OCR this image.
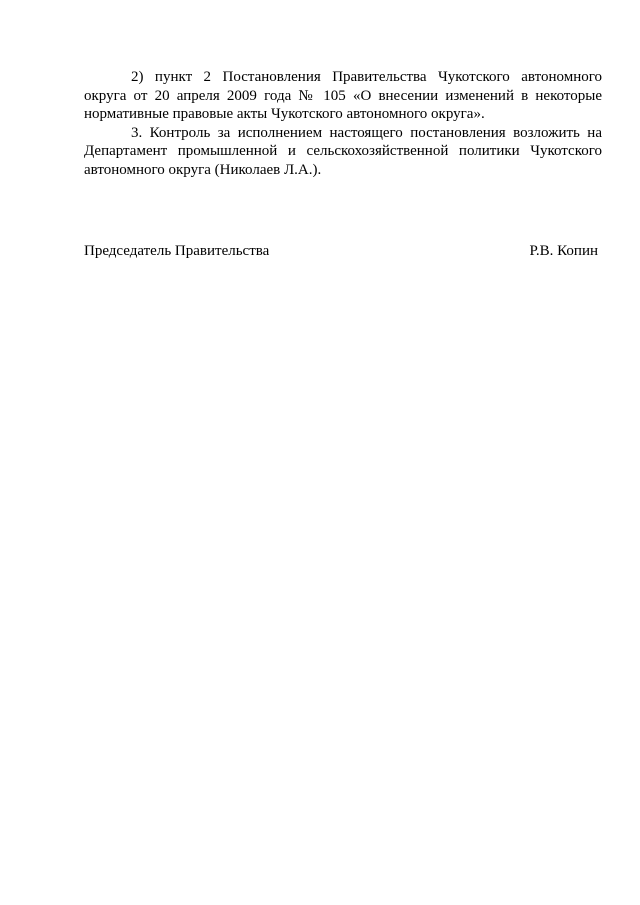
2) пункт 2 Постановления Правительства Чукотского автономного округа от 20 апреля 2009 года № 105 «О внесении изменений в некоторые нормативные правовые акты Чукотского автономного округа».

3. Контроль за исполнением настоящего постановления возложить на Департамент промышленной и сельскохозяйственной политики Чукотского автономного округа (Николаев Л.А.).

Председатель Правительства	Р.В. Копин
